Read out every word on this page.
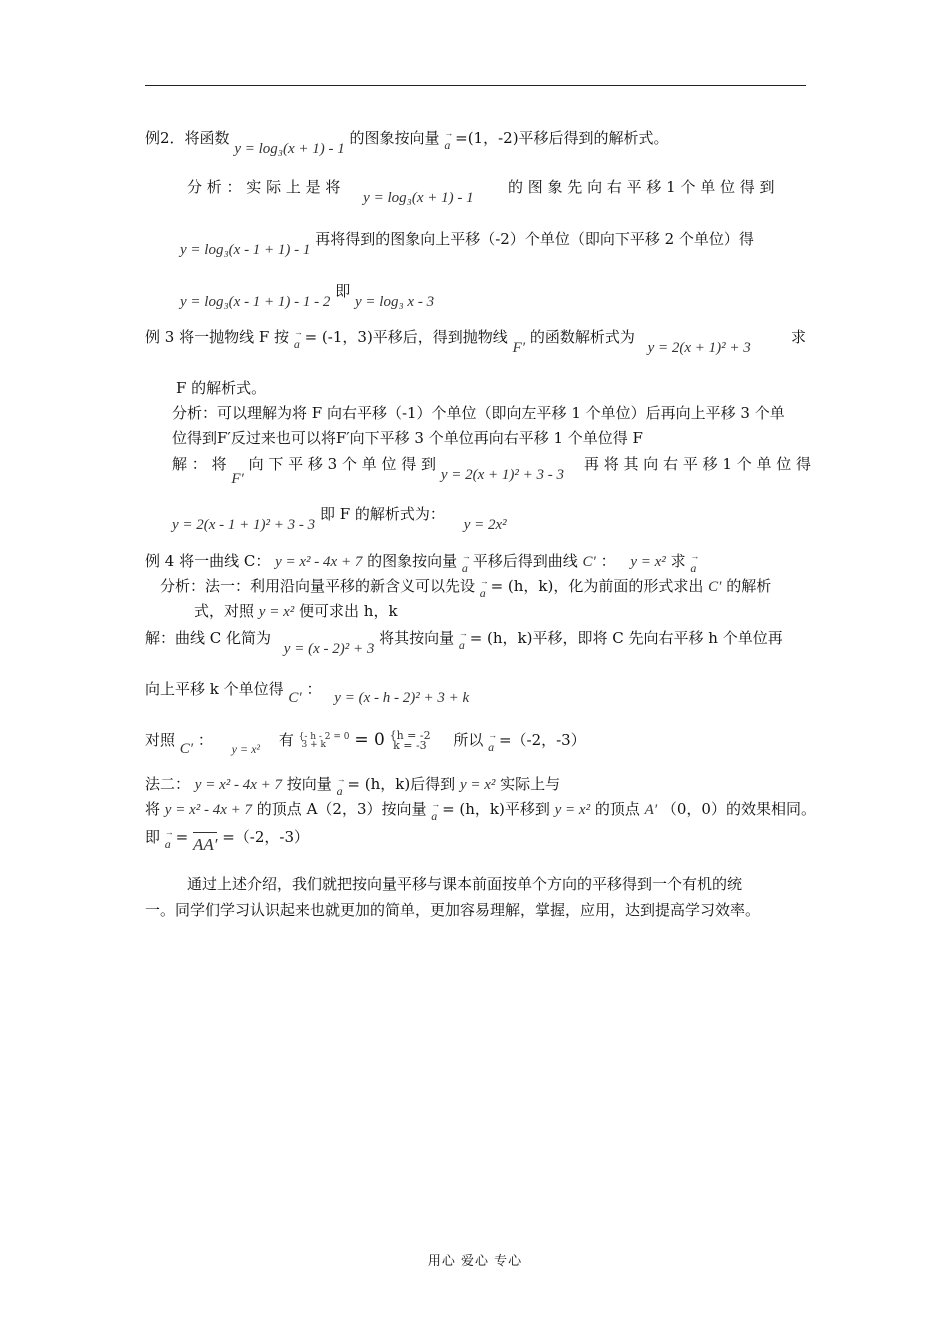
例2．将函数 y = log₃(x + 1) - 1 的图象按向量 → a =(1，-2)平移后得到的解析式。
分 析 ： 实 际 上 是 将 y = log₃(x + 1) - 1
的 图 象 先 向 右 平 移 1 个 单 位 得 到
y = log₃(x - 1 + 1) - 1 再将得到的图象向上平移（-2）个单位（即向下平移 2 个单位）得
y = log₃(x - 1 + 1) - 1 - 2 即 y = log₃ x - 3
例 3 将一抛物线 F 按 → a = (-1，3)平移后，得到抛物线 F′ 的函数解析式为 y = 2(x + 1)² + 3
求
F 的解析式。
分析：可以理解为将 F 向右平移（-1）个单位（即向左平移 1 个单位）后再向上平移 3 个单
位得到F′反过来也可以将F′向下平移 3 个单位再向右平移 1 个单位得 F
解 ： 将 F′ 向 下 平 移 3 个 单 位 得 到 y = 2(x + 1)² + 3 - 3
再 将 其 向 右 平 移 1 个 单 位 得
y = 2(x - 1 + 1)² + 3 - 3 即 F 的解析式为： y = 2x²
例 4 将一曲线 C： y = x² - 4x + 7 的图象按向量 → a 平移后得到曲线 C′ ： y = x² 求 → a
分析：法一：利用沿向量平移的新含义可以先设 → a = (h，k)，化为前面的形式求出 C′ 的解析
式，对照 y = x² 便可求出 h，k
解：曲线 C 化简为 y = (x - 2)² + 3 将其按向量 → a = (h，k)平移，即将 C 先向右平移 h 个单位再
向上平移 k 个单位得 C′ ： y = (x - h - 2)² + 3 + k
对照 C′ ： $_{y = x^2}$ 有 {- h - 2 = 0
3 + k = 0 {h = -2
k = -3 所以 → a =（-2，-3）
法二： y = x² - 4x + 7 按向量 → a = (h，k)后得到 y = x² 实际上与
将 y = x² - 4x + 7 的顶点 A（2，3）按向量 → a = (h，k)平移到 y = x² 的顶点 A′ （0，0）的效果相同。
即 → a = AA′ =（-2，-3）
通过上述介绍，我们就把按向量平移与课本前面按单个方向的平移得到一个有机的统
一。同学们学习认识起来也就更加的简单，更加容易理解，掌握，应用，达到提高学习效率。
用心 爱心 专心
